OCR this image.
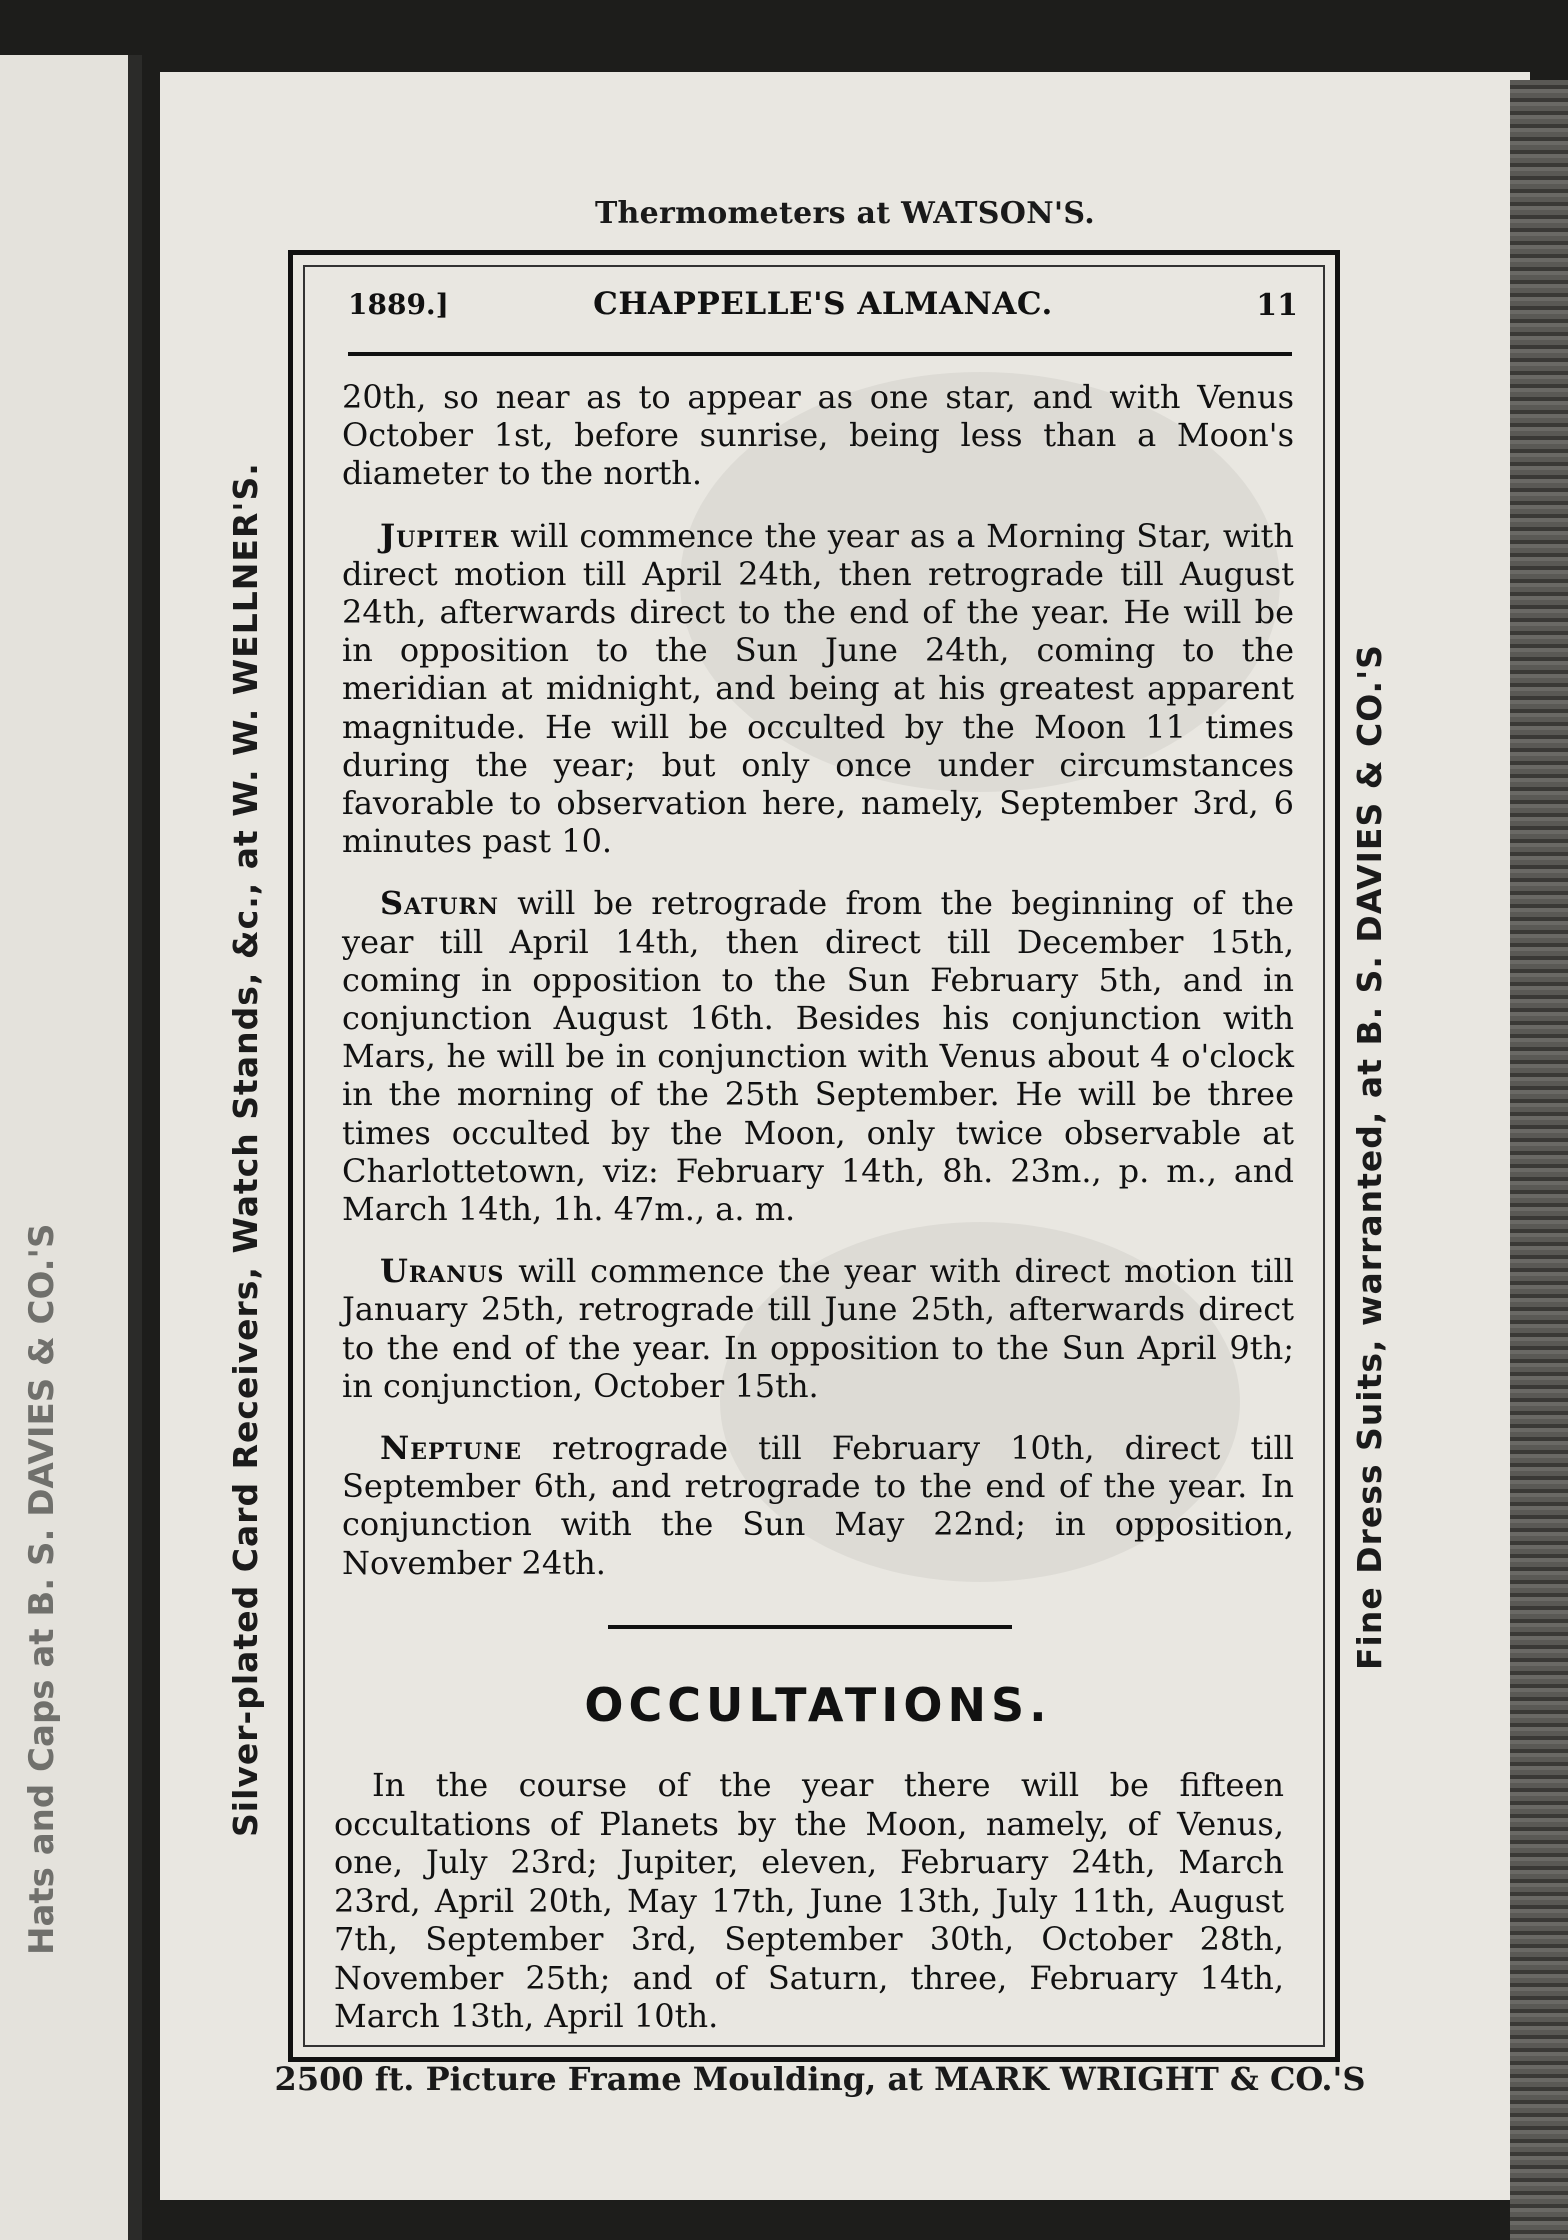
Hats and Caps at B. S. DAVIES & CO.'S
Thermometers at WATSON'S.
Silver-plated Card Receivers, Watch Stands, &c., at W. W. WELLNER'S.	Fine Dress Suits, warranted, at B. S. DAVIES & CO.'S
1889.]	CHAPPELLE'S ALMANAC.	11

20th, so near as to appear as one star, and with Venus October 1st, before sunrise, being less than a Moon's diameter to the north.

Jupiter will commence the year as a Morning Star, with direct motion till April 24th, then retrograde till August 24th, afterwards direct to the end of the year. He will be in opposition to the Sun June 24th, coming to the meridian at midnight, and being at his greatest apparent magnitude. He will be occulted by the Moon 11 times during the year; but only once under circumstances favorable to observation here, namely, September 3rd, 6 minutes past 10.

Saturn will be retrograde from the beginning of the year till April 14th, then direct till December 15th, coming in opposition to the Sun February 5th, and in conjunction August 16th. Besides his conjunction with Mars, he will be in conjunction with Venus about 4 o'clock in the morning of the 25th September. He will be three times occulted by the Moon, only twice observable at Charlottetown, viz: February 14th, 8h. 23m., p. m., and March 14th, 1h. 47m., a. m.

Uranus will commence the year with direct motion till January 25th, retrograde till June 25th, afterwards direct to the end of the year. In opposition to the Sun April 9th; in conjunction, October 15th.

Neptune retrograde till February 10th, direct till September 6th, and retrograde to the end of the year. In conjunction with the Sun May 22nd; in opposition, November 24th.

OCCULTATIONS.
In the course of the year there will be fifteen occultations of Planets by the Moon, namely, of Venus, one, July 23rd; Jupiter, eleven, February 24th, March 23rd, April 20th, May 17th, June 13th, July 11th, August 7th, September 3rd, September 30th, October 28th, November 25th; and of Saturn, three, February 14th, March 13th, April 10th.
2500 ft. Picture Frame Moulding, at MARK WRIGHT & CO.'S
